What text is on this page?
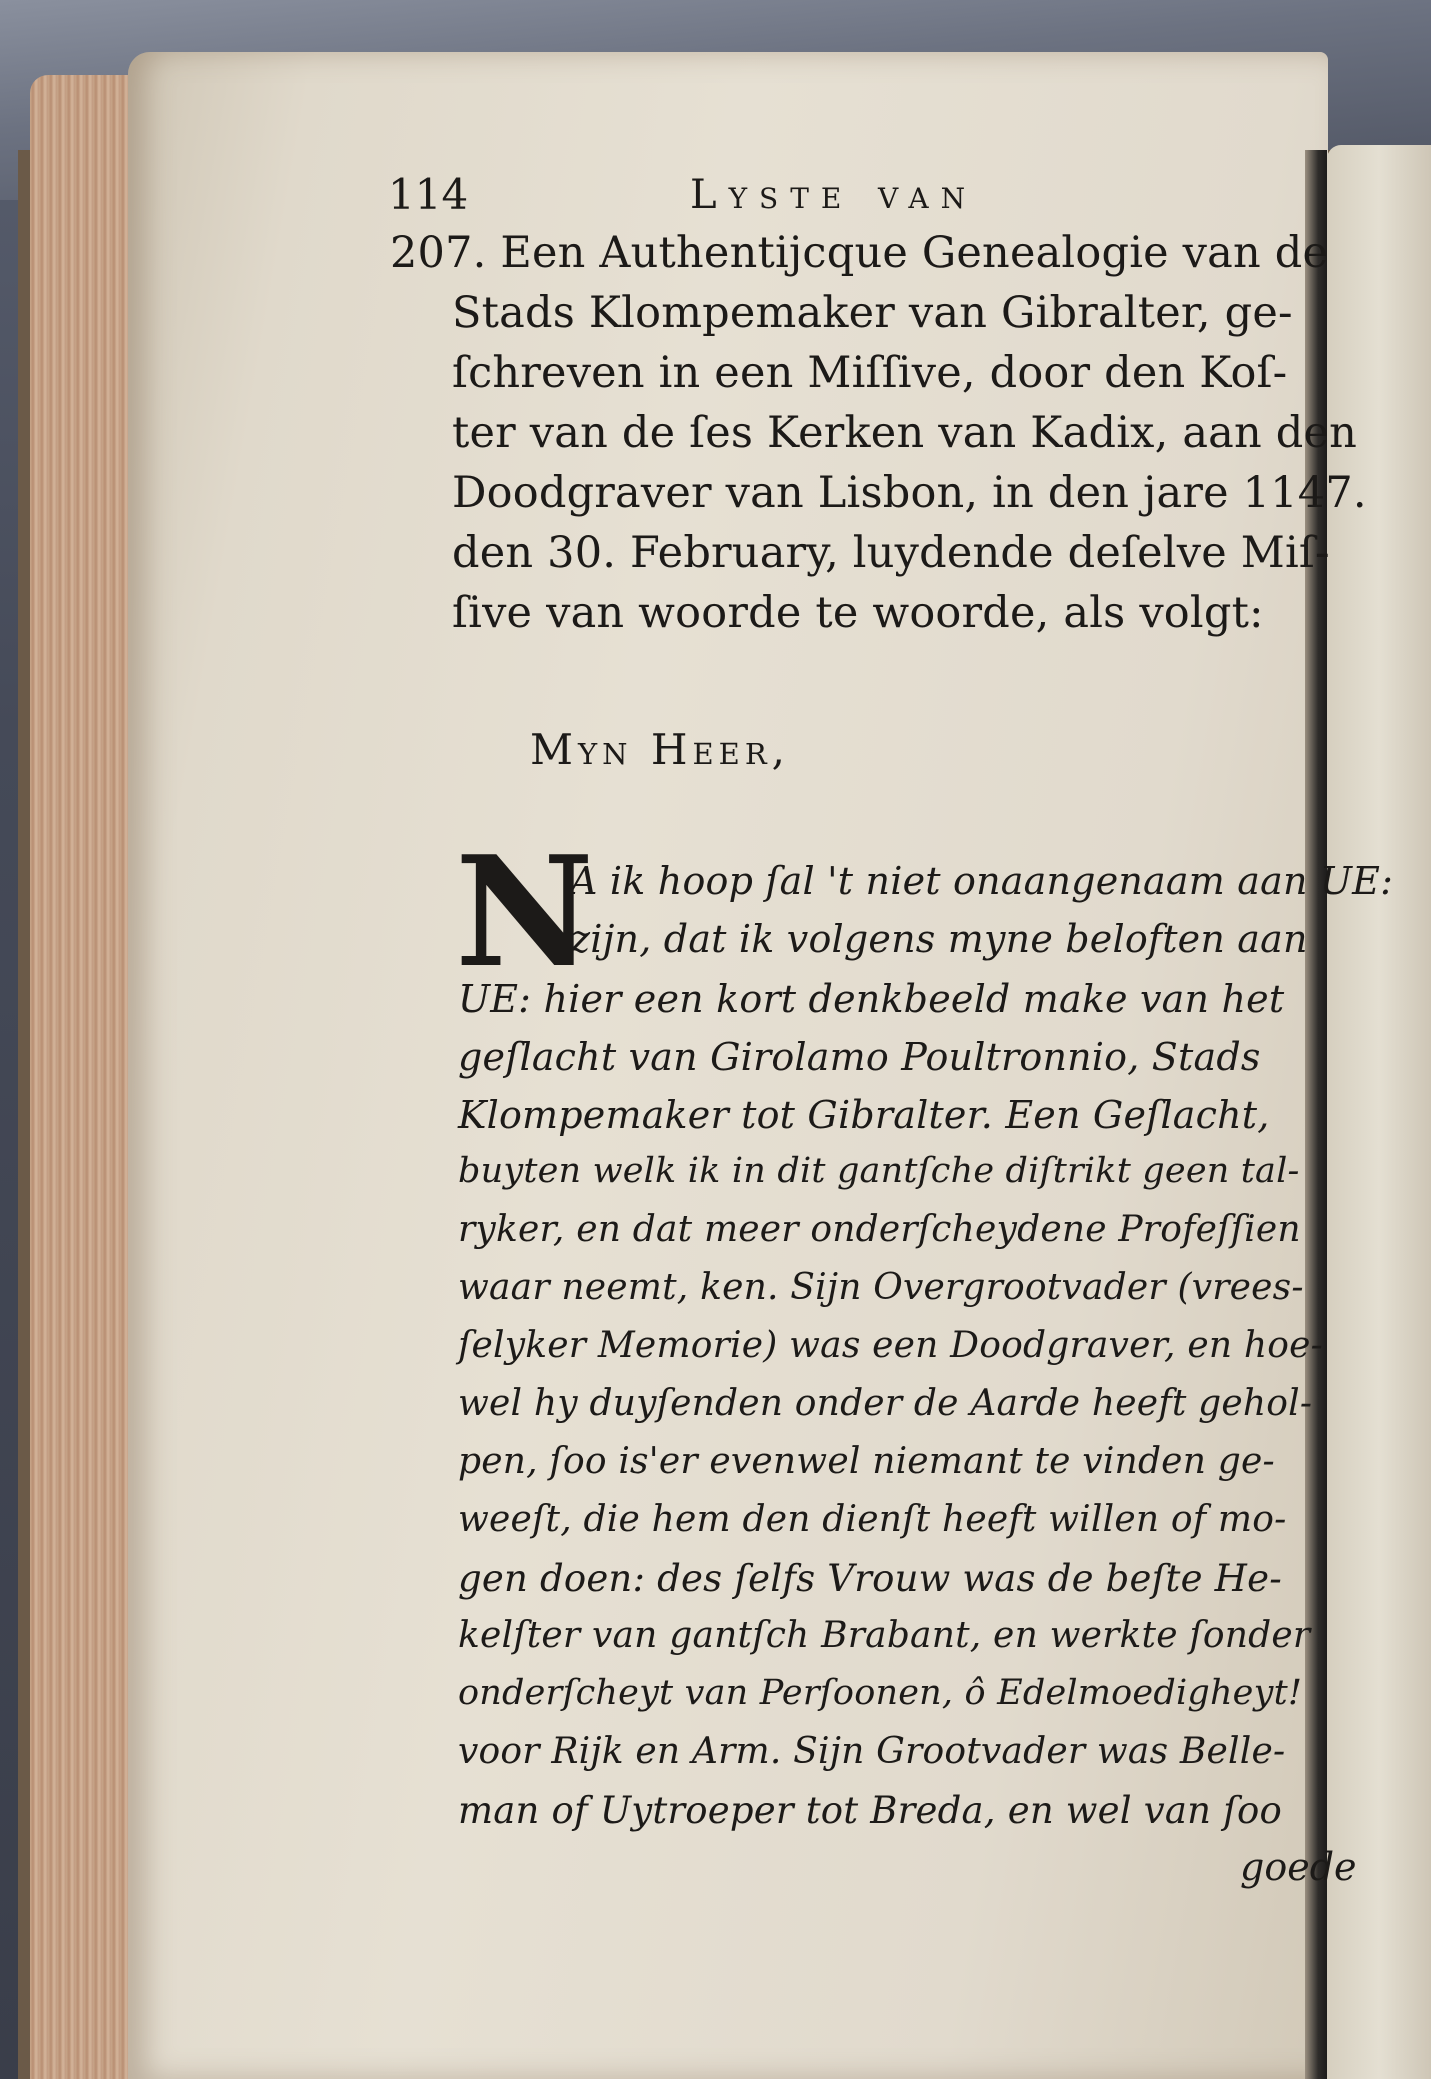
114	Lyste van
207. Een Authentijcque Genealogie van de
Stads Klompemaker van Gibralter, ge-
ſchreven in een Miſſive, door den Koſ-
ter van de ſes Kerken van Kadix, aan den
Doodgraver van Lisbon, in den jare 1147.
den 30. February, luydende deſelve Miſ-
ſive van woorde te woorde, als volgt:
Myn Heer,
N
A ik hoop ſal 't niet onaangenaam aan UE:
zijn, dat ik volgens myne beloften aan
UE: hier een kort denkbeeld make van het
geſlacht van Girolamo Poultronnio, Stads
Klompemaker tot Gibralter. Een Geſlacht,
buyten welk ik in dit gantſche diſtrikt geen tal-
ryker, en dat meer onderſcheydene Profeſſien
waar neemt, ken. Sijn Overgrootvader (vrees-
ſelyker Memorie) was een Doodgraver, en hoe-
wel hy duyſenden onder de Aarde heeft gehol-
pen, ſoo is'er evenwel niemant te vinden ge-
weeſt, die hem den dienſt heeft willen of mo-
gen doen: des ſelfs Vrouw was de beſte He-
kelſter van gantſch Brabant, en werkte ſonder
onderſcheyt van Perſoonen, ô Edelmoedigheyt!
voor Rijk en Arm. Sijn Grootvader was Belle-
man of Uytroeper tot Breda, en wel van ſoo
goede
